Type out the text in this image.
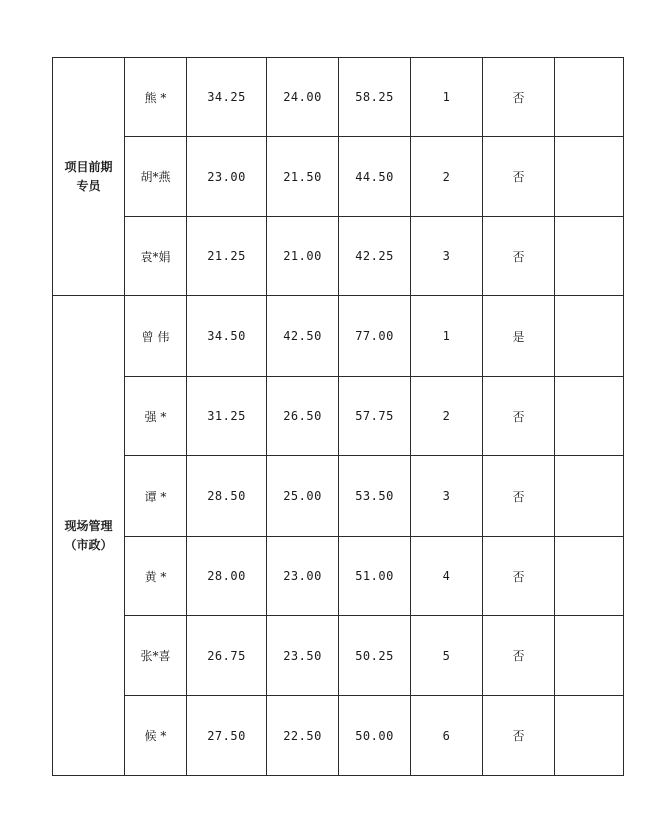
项目前期
专员	熊 *	34.25	24.00	58.25	1	否	
	胡*燕	23.00	21.50	44.50	2	否	
	袁*娟	21.25	21.00	42.25	3	否	

现场管理
（市政）	曾 伟	34.50	42.50	77.00	1	是	
	强 *	31.25	26.50	57.75	2	否	
	谭 *	28.50	25.00	53.50	3	否	
	黄 *	28.00	23.00	51.00	4	否	
	张*喜	26.75	23.50	50.25	5	否	
	候 *	27.50	22.50	50.00	6	否	
